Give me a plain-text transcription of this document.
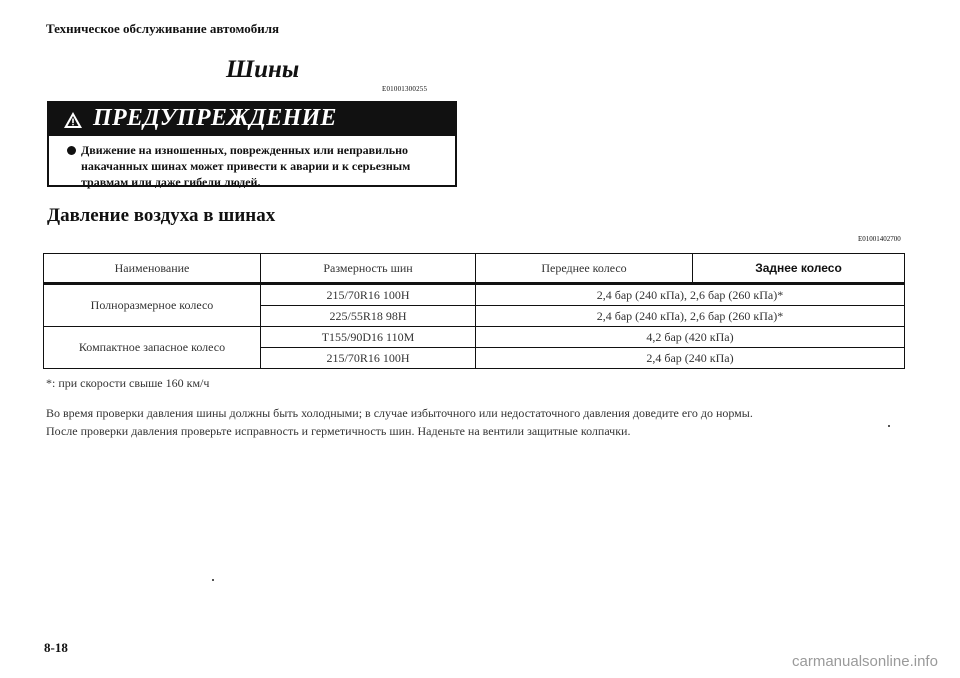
Техническое обслуживание автомобиля
Шины
E01001300255
ПРЕДУПРЕЖДЕНИЕ
Движение на изношенных, поврежденных или неправильно накачанных шинах может привести к аварии и к серьезным травмам или даже гибели людей.
Давление воздуха в шинах
E01001402700
Наименование	Размерность шин	Переднее колесо	Заднее колесо
Полноразмерное колесо	215/70R16 100H	2,4 бар (240 кПа), 2,6 бар (260 кПа)*	
	225/55R18 98H	2,4 бар (240 кПа), 2,6 бар (260 кПа)*	
Компактное запасное колесо	T155/90D16 110M	4,2 бар (420 кПа)	
	215/70R16 100H	2,4 бар (240 кПа)	
*: при скорости свыше 160 км/ч
Во время проверки давления шины должны быть холодными; в случае избыточного или недостаточного давления доведите его до нормы.
После проверки давления проверьте исправность и герметичность шин. Наденьте на вентили защитные колпачки.
8-18
carmanualsonline.info
